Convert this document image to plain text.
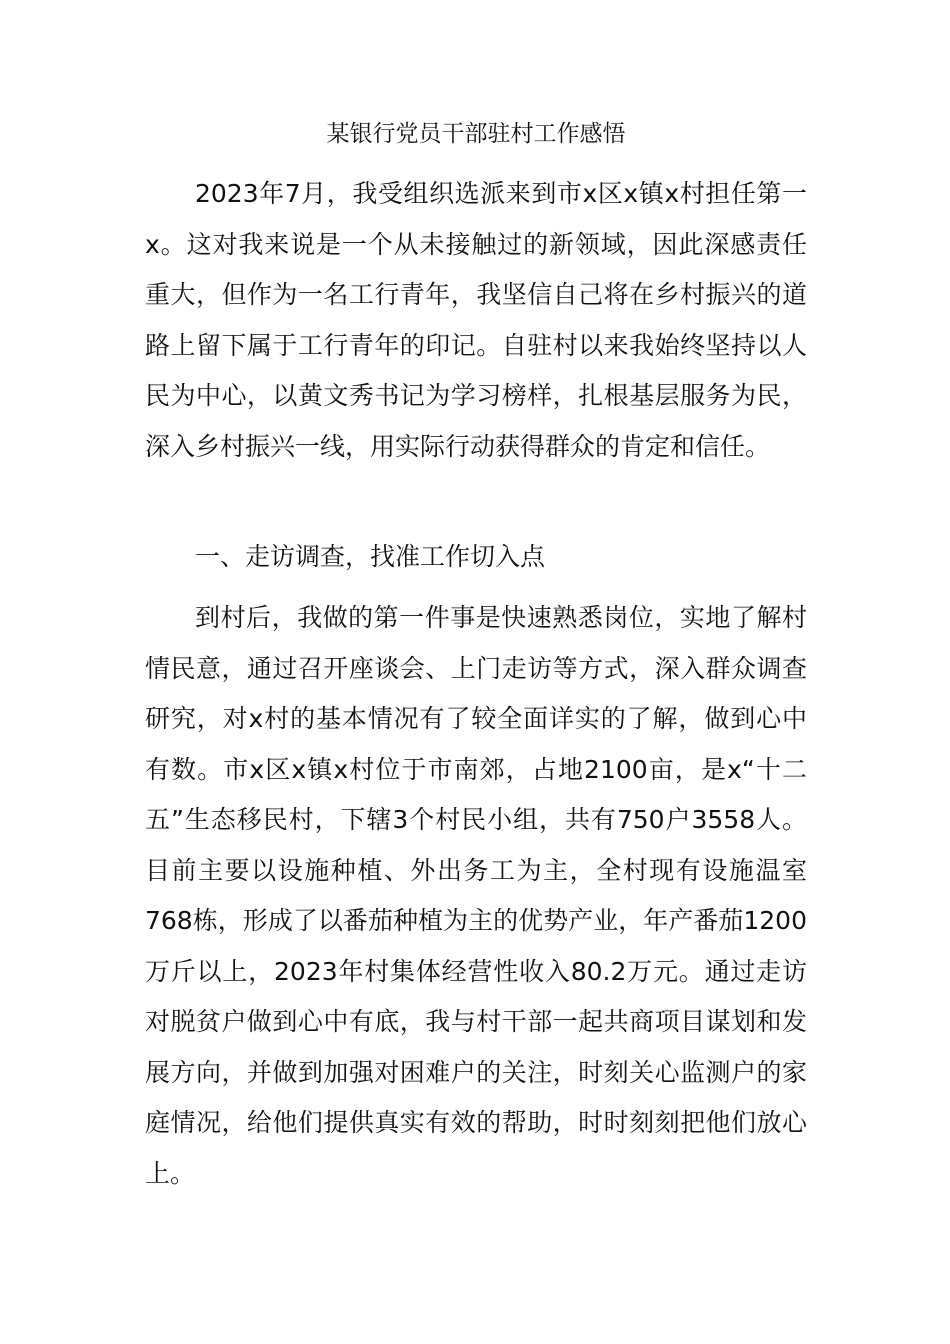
某银行党员干部驻村工作感悟

2023年7月，我受组织选派来到市x区x镇x村担任第一x。这对我来说是一个从未接触过的新领域，因此深感责任重大，但作为一名工行青年，我坚信自己将在乡村振兴的道路上留下属于工行青年的印记。自驻村以来我始终坚持以人民为中心，以黄文秀书记为学习榜样，扎根基层服务为民，深入乡村振兴一线，用实际行动获得群众的肯定和信任。

一、走访调查，找准工作切入点

到村后，我做的第一件事是快速熟悉岗位，实地了解村情民意，通过召开座谈会、上门走访等方式，深入群众调查研究，对x村的基本情况有了较全面详实的了解，做到心中有数。市x区x镇x村位于市南郊，占地2100亩，是x“十二五”生态移民村，下辖3个村民小组，共有750户3558人。目前主要以设施种植、外出务工为主，全村现有设施温室768栋，形成了以番茄种植为主的优势产业，年产番茄1200万斤以上，2023年村集体经营性收入80.2万元。通过走访对脱贫户做到心中有底，我与村干部一起共商项目谋划和发展方向，并做到加强对困难户的关注，时刻关心监测户的家庭情况，给他们提供真实有效的帮助，时时刻刻把他们放心上。
